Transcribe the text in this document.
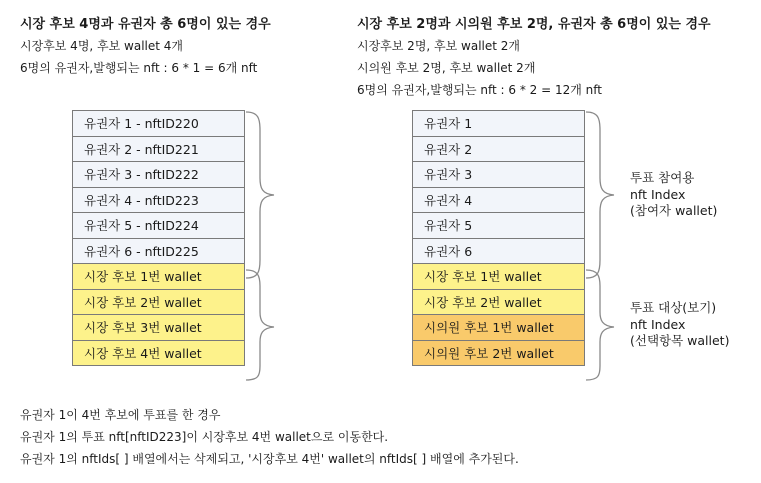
시장 후보 4명과 유권자 총 6명이 있는 경우
시장후보 4명, 후보 wallet 4개
6명의 유권자,발행되는 nft : 6 * 1 = 6개 nft
시장 후보 2명과 시의원 후보 2명, 유권자 총 6명이 있는 경우
시장후보 2명, 후보 wallet 2개
시의원 후보 2명, 후보 wallet 2개
6명의 유권자,발행되는 nft : 6 * 2 = 12개 nft
유권자 1 - nftID220
유권자 2 - nftID221
유권자 3 - nftID222
유권자 4 - nftID223
유권자 5 - nftID224
유권자 6 - nftID225
시장 후보 1번 wallet
시장 후보 2번 wallet
시장 후보 3번 wallet
시장 후보 4번 wallet
유권자 1
유권자 2
유권자 3
유권자 4
유권자 5
유권자 6
시장 후보 1번 wallet
시장 후보 2번 wallet
시의원 후보 1번 wallet
시의원 후보 2번 wallet
투표 참여용
nft Index
(참여자 wallet)
투표 대상(보기)
nft Index
(선택항목 wallet)
유권자 1이 4번 후보에 투표를 한 경우
유권자 1의 투표 nft[nftID223]이 시장후보 4번 wallet으로 이동한다.
유권자 1의 nftIds[ ] 배열에서는 삭제되고, '시장후보 4번' wallet의 nftIds[ ] 배열에 추가된다.
